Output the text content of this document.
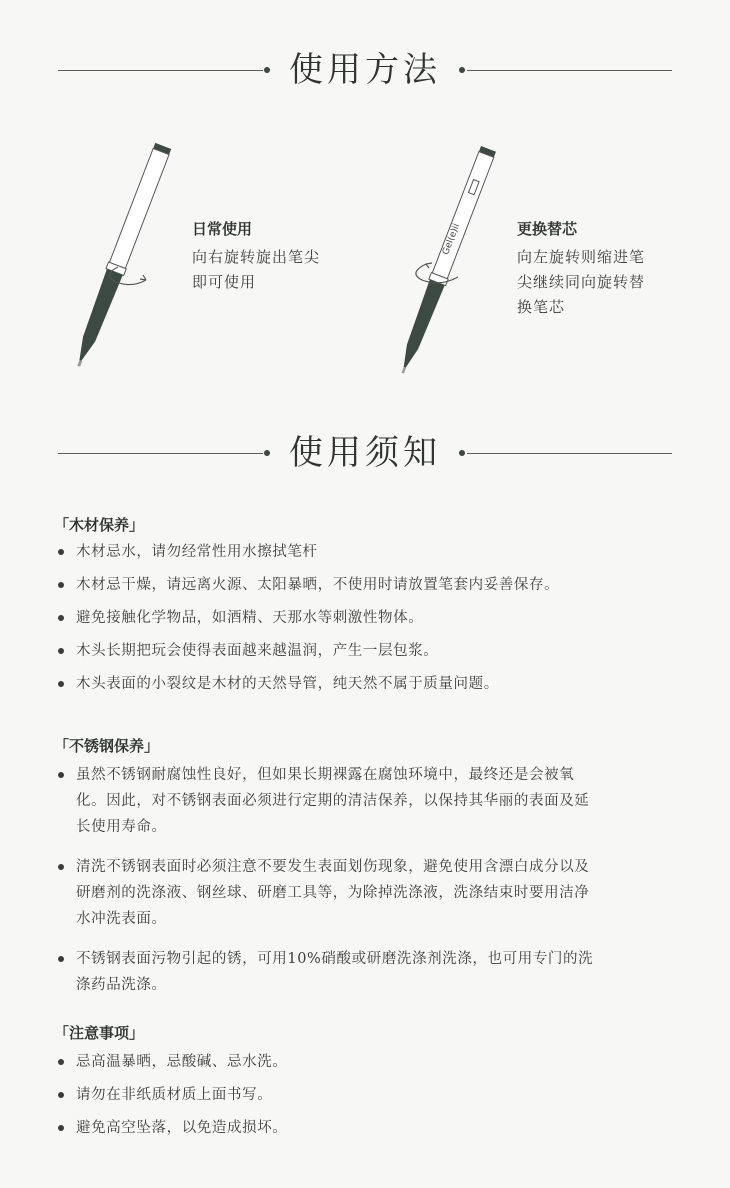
使用方法
日常使用
向右旋转旋出笔尖
即可使用
Gel(e)ii	更换替芯
向左旋转则缩进笔
尖继续同向旋转替
换笔芯
使用须知
「木材保养」
木材忌水，请勿经常性用水擦拭笔杆
木材忌干燥，请远离火源、太阳暴晒，不使用时请放置笔套内妥善保存。
避免接触化学物品，如酒精、天那水等刺激性物体。
木头长期把玩会使得表面越来越温润，产生一层包浆。
木头表面的小裂纹是木材的天然导管，纯天然不属于质量问题。
「不锈钢保养」
虽然不锈钢耐腐蚀性良好，但如果长期裸露在腐蚀环境中，最终还是会被氧
化。因此，对不锈钢表面必须进行定期的清洁保养，以保持其华丽的表面及延
长使用寿命。
清洗不锈钢表面时必须注意不要发生表面划伤现象，避免使用含漂白成分以及
研磨剂的洗涤液、钢丝球、研磨工具等，为除掉洗涤液，洗涤结束时要用洁净
水冲洗表面。
不锈钢表面污物引起的锈，可用10%硝酸或研磨洗涤剂洗涤，也可用专门的洗
涤药品洗涤。
「注意事项」
忌高温暴晒，忌酸碱、忌水洗。
请勿在非纸质材质上面书写。
避免高空坠落，以免造成损坏。
